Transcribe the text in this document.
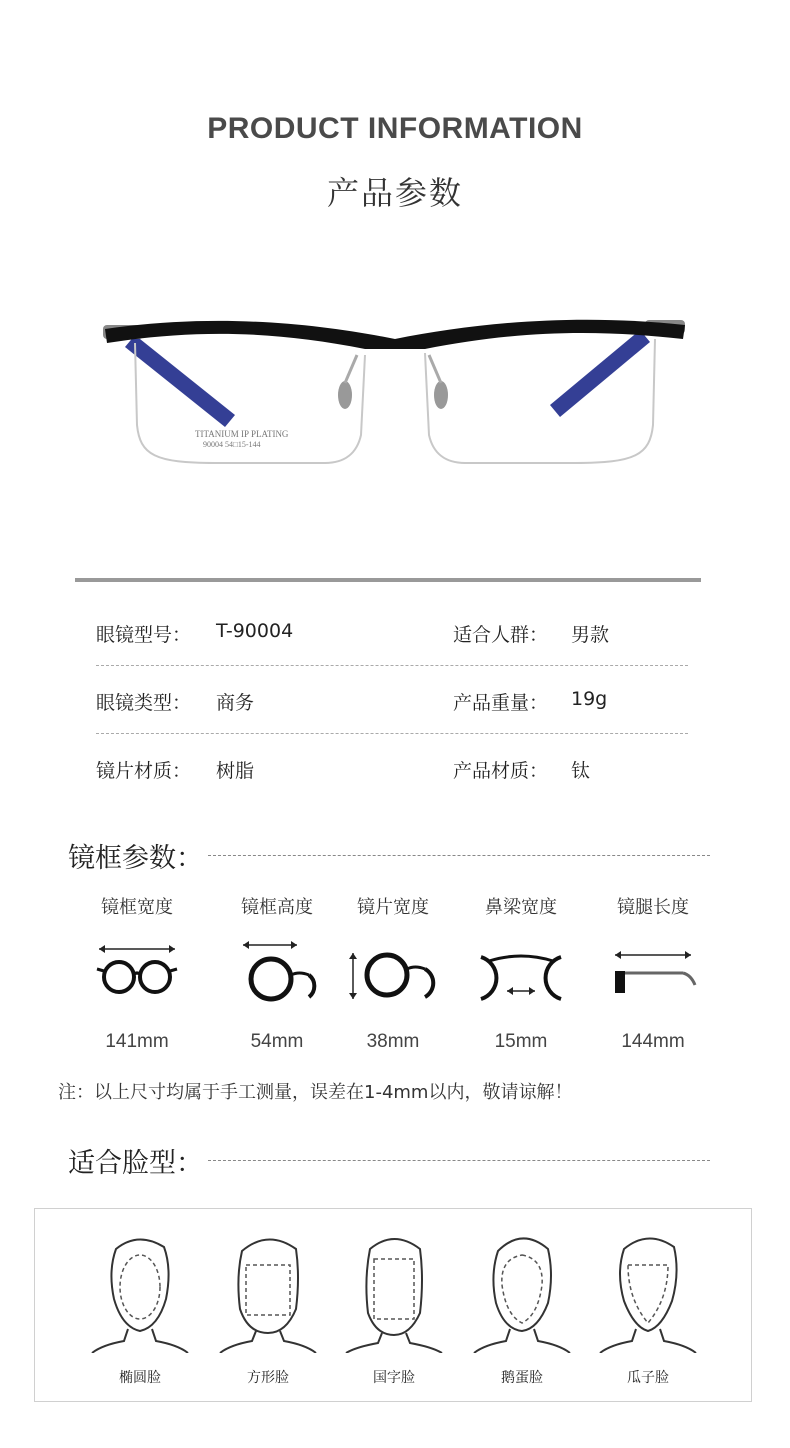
PRODUCT INFORMATION
产品参数
TITANIUM IP PLATING
90004 54□15-144
眼镜型号： T-90004	适合人群： 男款
眼镜类型： 商务	产品重量： 19g
镜片材质： 树脂	产品材质： 钛
镜框参数：
镜框宽度
141mm
镜框高度
54mm
镜片宽度
38mm
鼻梁宽度
15mm
镜腿长度
144mm
注：以上尺寸均属于手工测量，误差在1-4mm以内，敬请谅解！
适合脸型：
椭圆脸	方形脸	国字脸	鹅蛋脸	瓜子脸
